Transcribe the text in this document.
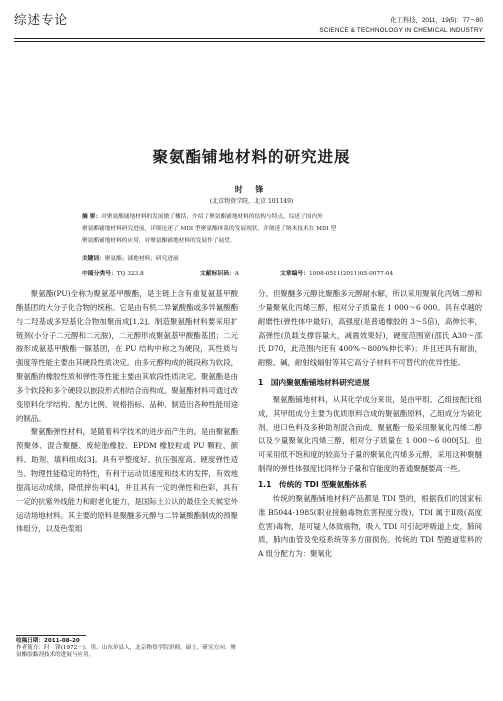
综述专论	化工科技，2011，19(5)：77～80
SCIENCE & TECHNOLOGY IN CHEMICAL INDUSTRY
聚氨酯铺地材料的研究进展
时 锋
(北京物资学院，北京 101149)

摘 要：对聚氨酯铺地材料的发展做了概括，介绍了聚氨酯铺地材料的结构与特点，综述了国内外

聚氨酯铺地材料研究进展，详细论述了 MDI 型聚氨酯体系的发展现状，并阐述了纳米技术在 MDI 型

聚氨酯铺地材料的应用，对聚氨酯铺地材料的发展作了展望。

关键词：聚氨酯；铺地材料；研究进展

中图分类号：TQ 323.8	文献标识码：A	文章编号：1008-0511(2011)05-0077-04

聚氨酯(PU)全称为聚氨基甲酸酯，是主链上含有重复氨基甲酸酯基团的大分子化合物的统称。它是由有机二异氰酸酯或多异氰酸酯与二羟基或多羟基化合物加聚而成[1,2]。制造聚氨酯材料要采用扩链剂(小分子二元醇和二元胺)，二元醇形成聚氨基甲酸酯基团；二元胺形成氨基甲酸酯一脲基团，在 PU 结构中称之为硬段，其性质与强度等性能主要由其硬段性质决定。由多元醇构成的链段称为软段，聚氨酯的橡胶性质和弹性等性能主要由其软段性质决定。聚氨酯是由多个软段和多个硬段以嵌段形式相结合而构成。聚氨酯材料可通过改变原料化学结构、配方比例、规格指标、品种、制造出各种性能用途的制品。

聚氨酯弹性材料，是随着科学技术的进步而产生的。是由聚氨酯预聚体、混合聚醚、废轮胎橡胶、EPDM 橡胶粒或 PU 颗粒、颜料、助剂、填料组成[3]。具有平整度好、抗压强度高、硬度弹性适当、物理性能稳定的特性，有利于运动员速度和技术的发挥，有效地提高运动成绩，降低摔伤率[4]，并且具有一定的弹性和色彩，具有一定的抗紫外线能力和耐老化能力，是国际上公认的最佳全天候室外运动场地材料。其主要的原料是聚醚多元醇与二异氰酸酯制成的预聚体组分，以及色浆组

分。但聚醚多元醇比聚酯多元醇耐水解，所以采用聚氧化丙烯二醇和少量聚氧化丙烯三醇，相对分子质量在 1 000～6 000。具有卓越的耐磨性(弹性体中最好)，高强度(是普通橡胶的 3～5倍)，高伸长率，高弹性(负载支撑容量大，减震效果好)，硬度范围宽(邵氏 A30～邵氏 D70，此范围内还有 400%～800%伸长率)；并且还具有耐油，耐酸、碱，耐射线辐射等其它高分子材料不可替代的优异性能。

1　国内聚氨酯铺地材料研究进展

聚氨酯铺地材料，从其化学成分来说，是由甲组、乙组按配比组成，其甲组成分主要为优质原料合成的聚氨酯原料，乙组成分为硫化剂、进口色料及多种助剂混合而成。聚氨酯一般采用聚氧化丙烯二醇以及少量聚氧化丙烯三醇，相对分子质量在 1 000～6 000[5]。也可采用低不饱和度的较高分子量的聚氧化丙烯多元醇，采用这种聚醚制得的弹性体强度比同样分子量和官能度的普通聚醚要高一些。

1.1　传统的 TDI 型聚氨酯体系

传统的聚氨酯铺地材料产品都是 TDI 型的，根据我们的国家标准 B5044-1985(职业接触毒物危害程度分级)，TDI 属于Ⅱ级(高度危害)毒物，是可疑人体致癌物，吸入 TDI 可引起呼吸道上皮，肺间质，肺内血管及免疫系统等多方面损伤。传统的 TDI 型跑道浆料的 A 组分配方为：聚氧化

收稿日期：2011-08-20
作者简介：时　锋(1972－)，男，山东单县人，北京物资学院讲师，硕士，研究方向：聚氨酯胶黏剂技术的进展与应用。
